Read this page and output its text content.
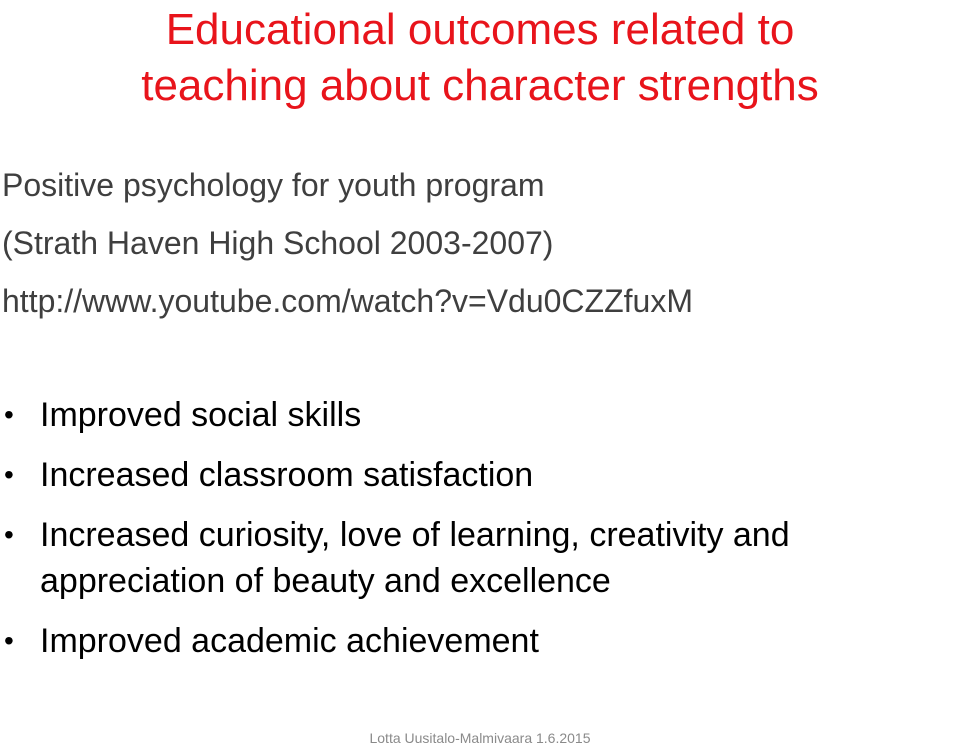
Educational outcomes related to
teaching about character strengths
Positive psychology for youth program
(Strath Haven High School 2003-2007)
http://www.youtube.com/watch?v=Vdu0CZZfuxM
• Improved social skills
• Increased classroom satisfaction
• Increased curiosity, love of learning, creativity and appreciation of beauty and excellence
• Improved academic achievement
Lotta Uusitalo-Malmivaara 1.6.2015
